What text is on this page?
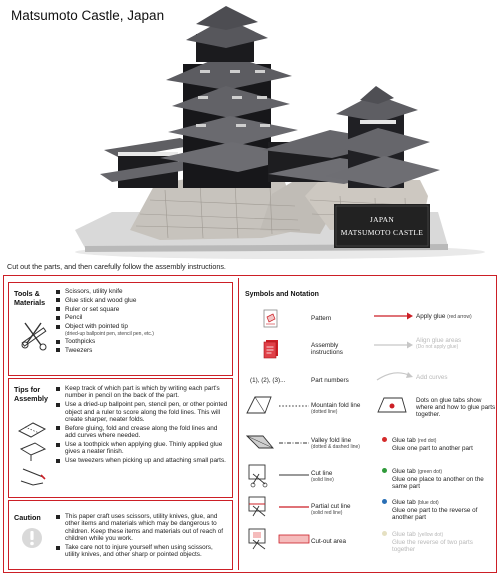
Matsumoto Castle, Japan
JAPAN
MATSUMOTO CASTLE
Cut out the parts, and then carefully follow the assembly instructions.
Tools &
Materials
Scissors, utility knife
Glue stick and wood glue
Ruler or set square
Pencil
Object with pointed tip
(dried-up ballpoint pen, stencil pen, etc.)
Toothpicks
Tweezers
Tips for
Assembly
Keep track of which part is which by writing each part's number in pencil on the back of the part.
Use a dried-up ballpoint pen, stencil pen, or other pointed object and a ruler to score along the fold lines. This will create sharper, neater folds.
Before gluing, fold and crease along the fold lines and add curves where needed.
Use a toothpick when applying glue. Thinly applied glue gives a neater finish.
Use tweezers when picking up and attaching small parts.
Caution	This paper craft uses scissors, utility knives, glue, and other items and materials which may be dangerous to children. Keep these items and materials out of reach of children while you work.
Take care not to injure yourself when using scissors, utility knives, and other sharp or pointed objects.
Symbols and Notation
Pattern
Assembly
instructions
(1), (2), (3)...	Part numbers
Mountain fold line
(dotted line)
Valley fold line
(dotted & dashed line)
Cut line
(solid line)
Partial cut line
(solid red line)
Cut-out area
Apply glue (red arrow)
Align glue areas
(Do not apply glue)
Add curves
Dots on glue tabs show where and how to glue parts together.
Glue tab (red dot)
Glue one part to another part
Glue tab (green dot)
Glue one place to another on the same part
Glue tab (blue dot)
Glue one part to the reverse of another part
Glue tab (yellow dot)
Glue the reverse of two parts together
